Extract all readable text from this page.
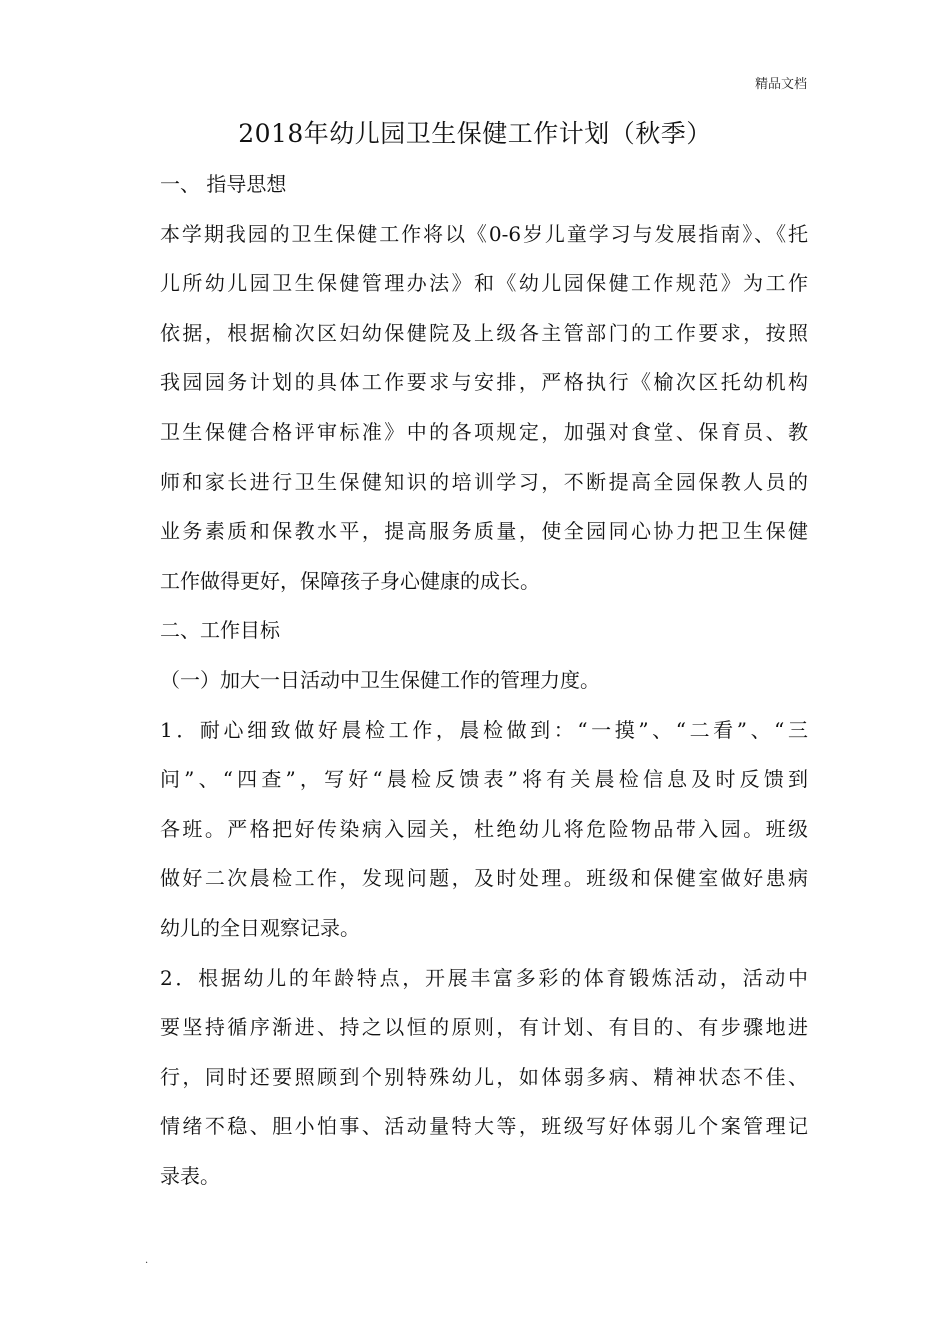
精品文档
2018年幼儿园卫生保健工作计划（秋季）
一、 指导思想
本学期我园的卫生保健工作将以《0-6岁儿童学习与发展指南》、《托
儿所幼儿园卫生保健管理办法》和《幼儿园保健工作规范》为工作
依据，根据榆次区妇幼保健院及上级各主管部门的工作要求，按照
我园园务计划的具体工作要求与安排，严格执行《榆次区托幼机构
卫生保健合格评审标准》中的各项规定，加强对食堂、保育员、教
师和家长进行卫生保健知识的培训学习，不断提高全园保教人员的
业务素质和保教水平，提高服务质量，使全园同心协力把卫生保健
工作做得更好，保障孩子身心健康的成长。
二、工作目标
（一）加大一日活动中卫生保健工作的管理力度。
1．耐心细致做好晨检工作，晨检做到：“一摸”、“二看”、“三
问”、“四查”，写好“晨检反馈表”将有关晨检信息及时反馈到
各班。严格把好传染病入园关，杜绝幼儿将危险物品带入园。班级
做好二次晨检工作，发现问题，及时处理。班级和保健室做好患病
幼儿的全日观察记录。
2．根据幼儿的年龄特点，开展丰富多彩的体育锻炼活动，活动中
要坚持循序渐进、持之以恒的原则，有计划、有目的、有步骤地进
行，同时还要照顾到个别特殊幼儿，如体弱多病、精神状态不佳、
情绪不稳、胆小怕事、活动量特大等，班级写好体弱儿个案管理记
录表。
.
